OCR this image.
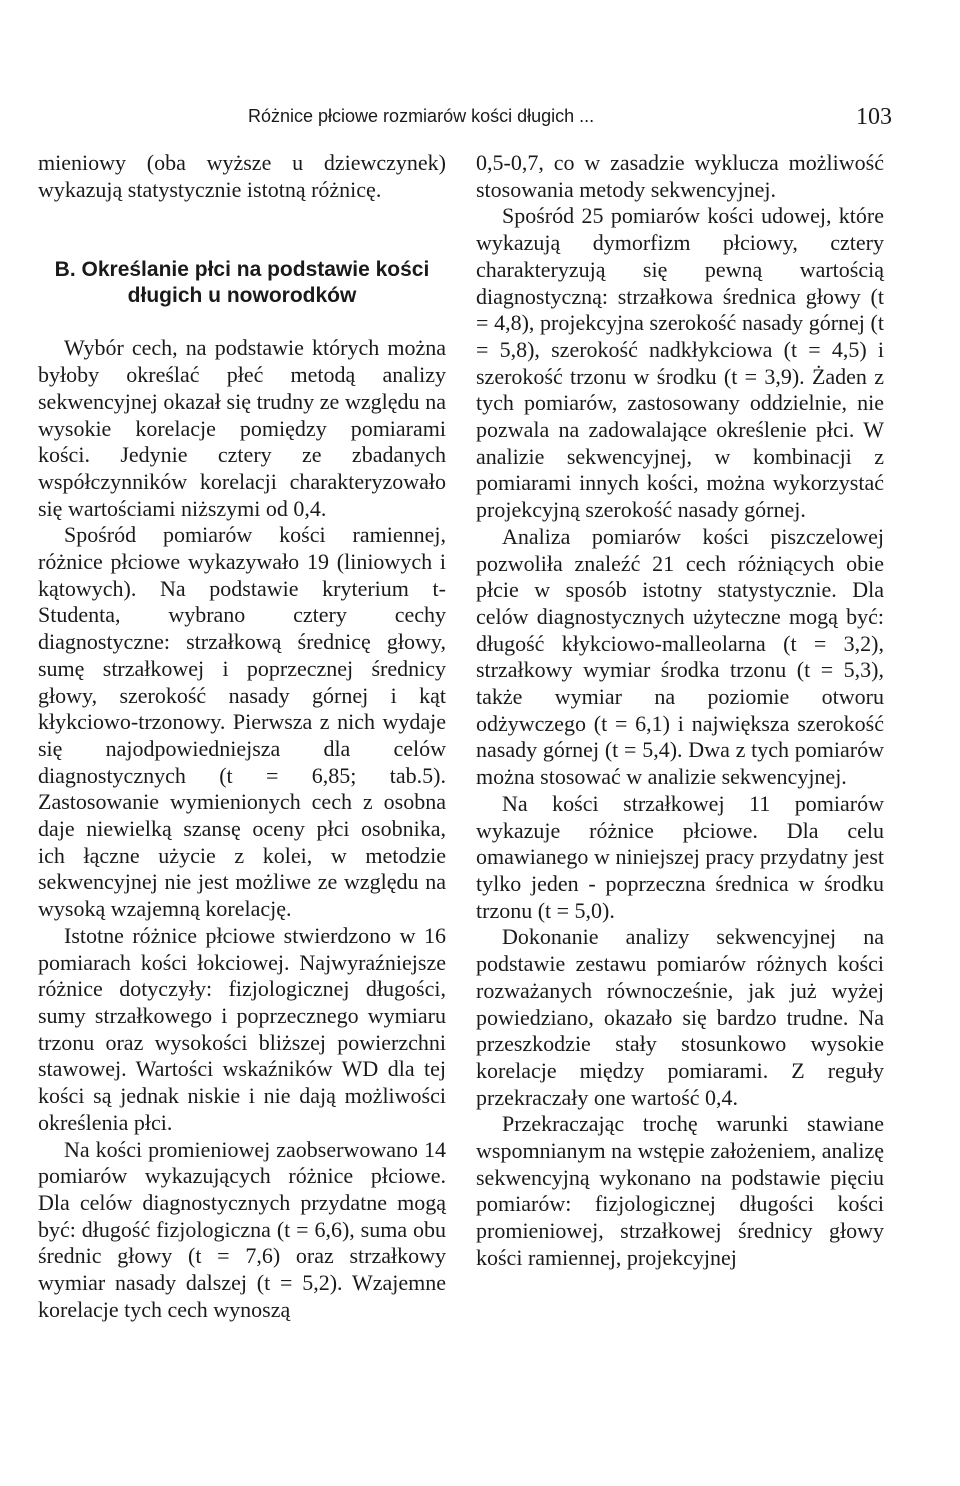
Różnice płciowe rozmiarów kości długich ...	103

mieniowy (oba wyższe u dziewczynek) wykazują statystycznie istotną różnicę.

B. Określanie płci na podstawie kości długich u noworodków

Wybór cech, na podstawie których można byłoby określać płeć metodą analizy sekwencyjnej okazał się trudny ze względu na wysokie korelacje pomiędzy pomiarami kości. Jedynie cztery ze zbadanych współczynników korelacji charakteryzowało się wartościami niższymi od 0,4.

Spośród pomiarów kości ramiennej, różnice płciowe wykazywało 19 (liniowych i kątowych). Na podstawie kryterium t-Studenta, wybrano cztery cechy diagnostyczne: strzałkową średnicę głowy, sumę strzałkowej i poprzecznej średnicy głowy, szerokość nasady górnej i kąt kłykciowo-trzonowy. Pierwsza z nich wydaje się najodpowiedniejsza dla celów diagnostycznych (t = 6,85; tab.5). Zastosowanie wymienionych cech z osobna daje niewielką szansę oceny płci osobnika, ich łączne użycie z kolei, w metodzie sekwencyjnej nie jest możliwe ze względu na wysoką wzajemną korelację.

Istotne różnice płciowe stwierdzono w 16 pomiarach kości łokciowej. Najwyraźniejsze różnice dotyczyły: fizjologicznej długości, sumy strzałkowego i poprzecznego wymiaru trzonu oraz wysokości bliższej powierzchni stawowej. Wartości wskaźników WD dla tej kości są jednak niskie i nie dają możliwości określenia płci.

Na kości promieniowej zaobserwowano 14 pomiarów wykazujących różnice płciowe. Dla celów diagnostycznych przydatne mogą być: długość fizjologiczna (t = 6,6), suma obu średnic głowy (t = 7,6) oraz strzałkowy wymiar nasady dalszej (t = 5,2). Wzajemne korelacje tych cech wynoszą

0,5-0,7, co w zasadzie wyklucza możliwość stosowania metody sekwencyjnej.

Spośród 25 pomiarów kości udowej, które wykazują dymorfizm płciowy, cztery charakteryzują się pewną wartością diagnostyczną: strzałkowa średnica głowy (t = 4,8), projekcyjna szerokość nasady górnej (t = 5,8), szerokość nadkłykciowa (t = 4,5) i szerokość trzonu w środku (t = 3,9). Żaden z tych pomiarów, zastosowany oddzielnie, nie pozwala na zadowalające określenie płci. W analizie sekwencyjnej, w kombinacji z pomiarami innych kości, można wykorzystać projekcyjną szerokość nasady górnej.

Analiza pomiarów kości piszczelowej pozwoliła znaleźć 21 cech różniących obie płcie w sposób istotny statystycznie. Dla celów diagnostycznych użyteczne mogą być: długość kłykciowo-malleolarna (t = 3,2), strzałkowy wymiar środka trzonu (t = 5,3), także wymiar na poziomie otworu odżywczego (t = 6,1) i największa szerokość nasady górnej (t = 5,4). Dwa z tych pomiarów można stosować w analizie sekwencyjnej.

Na kości strzałkowej 11 pomiarów wykazuje różnice płciowe. Dla celu omawianego w niniejszej pracy przydatny jest tylko jeden - poprzeczna średnica w środku trzonu (t = 5,0).

Dokonanie analizy sekwencyjnej na podstawie zestawu pomiarów różnych kości rozważanych równocześnie, jak już wyżej powiedziano, okazało się bardzo trudne. Na przeszkodzie stały stosunkowo wysokie korelacje między pomiarami. Z reguły przekraczały one wartość 0,4.

Przekraczając trochę warunki stawiane wspomnianym na wstępie założeniem, analizę sekwencyjną wykonano na podstawie pięciu pomiarów: fizjologicznej długości kości promieniowej, strzałkowej średnicy głowy kości ramiennej, projekcyjnej
